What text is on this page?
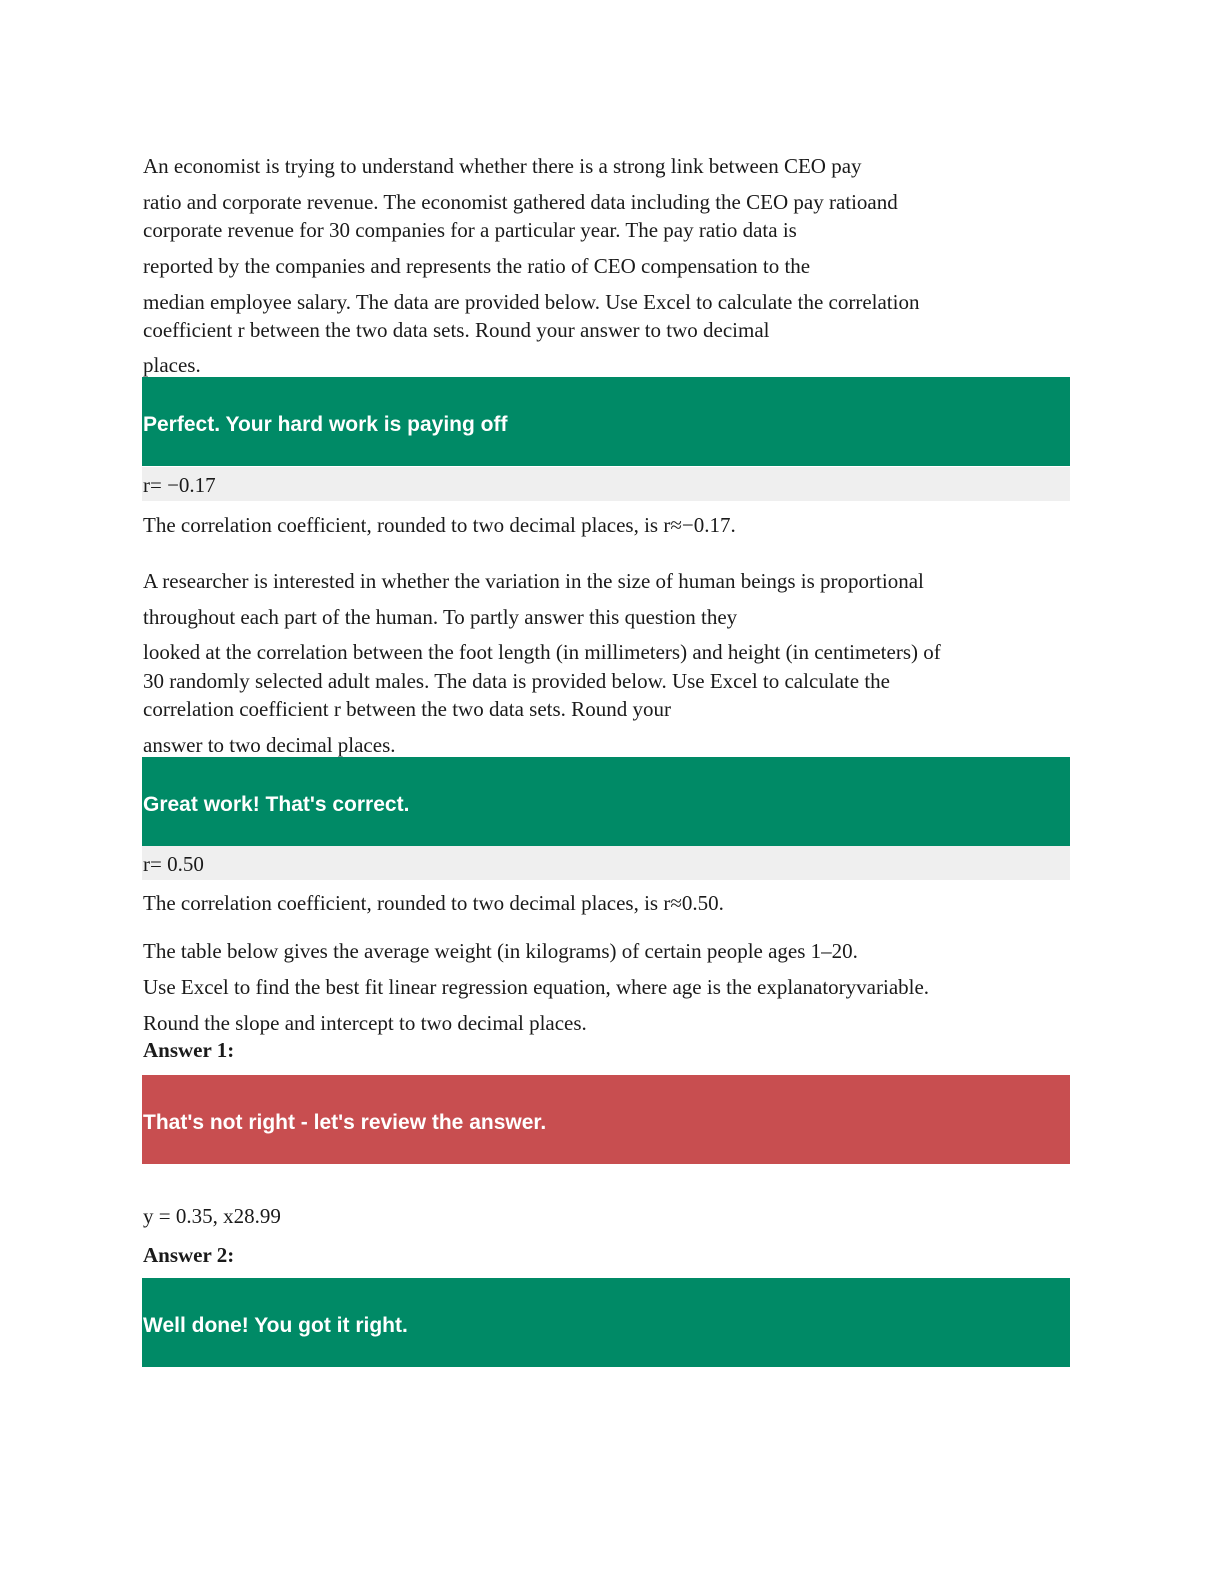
An economist is trying to understand whether there is a strong link between CEO pay
ratio and corporate revenue. The economist gathered data including the CEO pay ratioand
corporate revenue for 30 companies for a particular year. The pay ratio data is
reported by the companies and represents the ratio of CEO compensation to the
median employee salary. The data are provided below. Use Excel to calculate the correlation
coefficient r between the two data sets. Round your answer to two decimal
places.
Perfect. Your hard work is paying off
r= −0.17
The correlation coefficient, rounded to two decimal places, is r≈−0.17.
A researcher is interested in whether the variation in the size of human beings is proportional
throughout each part of the human. To partly answer this question they
looked at the correlation between the foot length (in millimeters) and height (in centimeters) of
30 randomly selected adult males. The data is provided below. Use Excel to calculate the
correlation coefficient r between the two data sets. Round your
answer to two decimal places.
Great work! That's correct.
r= 0.50
The correlation coefficient, rounded to two decimal places, is r≈0.50.
The table below gives the average weight (in kilograms) of certain people ages 1–20.
Use Excel to find the best fit linear regression equation, where age is the explanatoryvariable.
Round the slope and intercept to two decimal places.
Answer 1:
That's not right - let's review the answer.
y = 0.35, x28.99
Answer 2:
Well done! You got it right.
